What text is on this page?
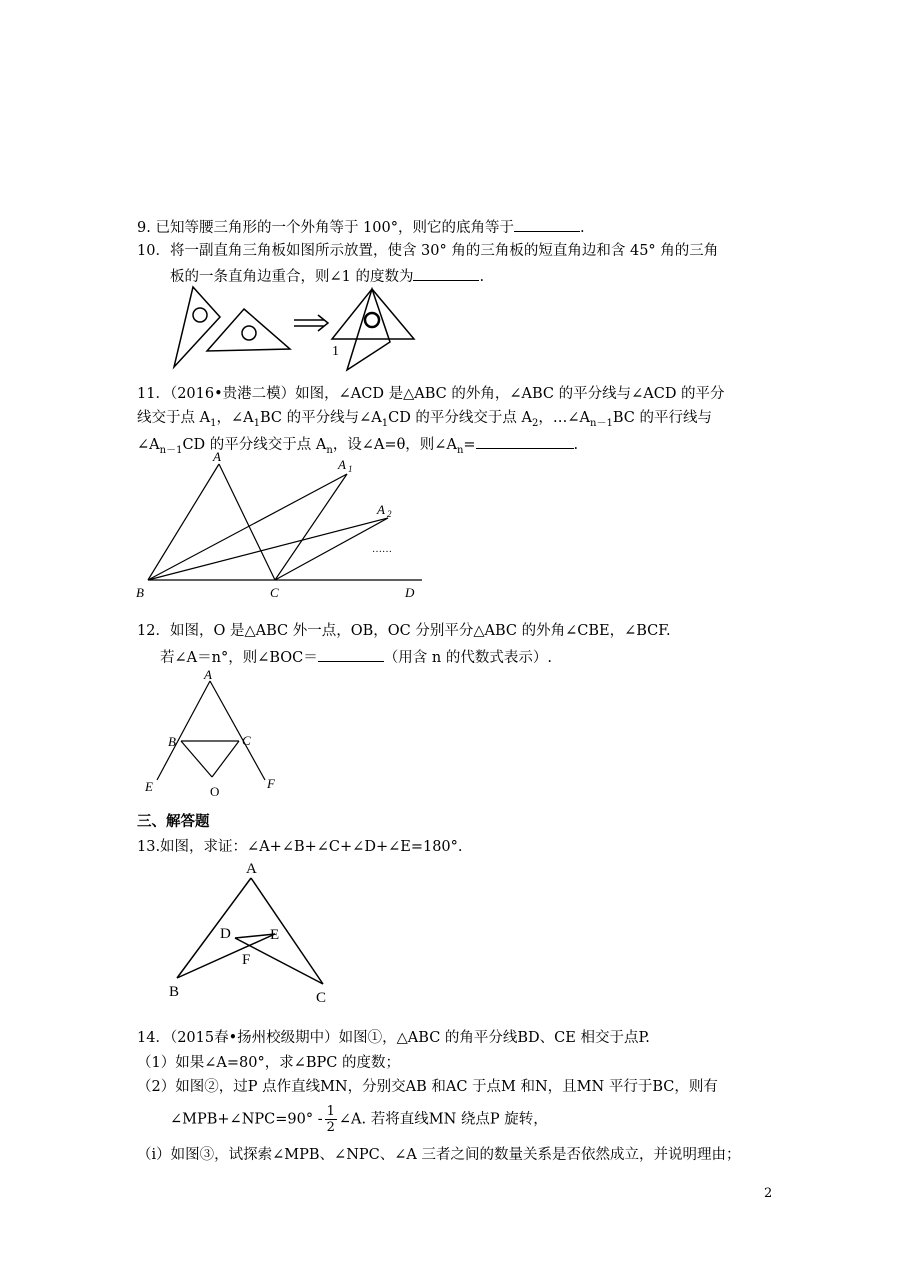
9. 已知等腰三角形的一个外角等于 100°，则它的底角等于	.
10．将一副直角三角板如图所示放置，使含 30° 角的三角板的短直角边和含 45° 角的三角
板的一条直角边重合，则∠1 的度数为	.
1
11．（2016•贵港二模）如图，∠ACD 是△ABC 的外角，∠ABC 的平分线与∠ACD 的平分
线交于点 $A_1$，$\angle A_1BC$ 的平分线与$\angle A_1CD$ 的平分线交于点 $A_2$，$\dots\angle A_{n-1}BC$ 的平行线与
$\angle A_{n-1}CD$ 的平分线交于点 $A_n$，设∠A=θ，则$\angle A_n=$	.
A
A 1
A 2
……
B	C	D
12．如图，O 是△ABC 外一点，OB，OC 分别平分△ABC 的外角∠CBE，∠BCF.
若∠A＝n°，则∠BOC＝	（用含 n 的代数式表示）.
A
B	C
E	F
O
三、解答题
13.如图，求证：∠A+∠B+∠C+∠D+∠E=180°.
A
B	C
D	E
F
14．（2015春•扬州校级期中）如图①，△ABC 的角平分线BD、CE 相交于点P.
（1）如果∠A=80°，求∠BPC 的度数；
（2）如图②，过P 点作直线MN，分别交AB 和AC 于点M 和N，且MN 平行于BC，则有
∠MPB+∠NPC=90° - $\frac{1}{2}$ ∠A. 若将直线MN 绕点P 旋转，
（ⅰ）如图③，试探索∠MPB、∠NPC、∠A 三者之间的数量关系是否依然成立，并说明理由；
2
